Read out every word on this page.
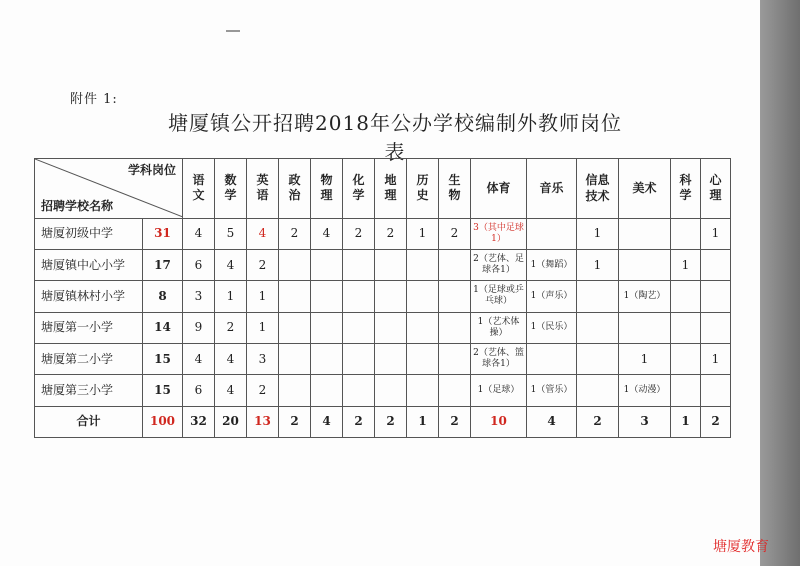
附件 1:
塘厦镇公开招聘2018年公办学校编制外教师岗位表
学科岗位
招聘学校名称		语文	数学	英语	政治	物理	化学	地理	历史	生物	体育	音乐	信息技术	美术	科学	心理
塘厦初级中学	31	4	5	4	2	4	2	2	1	2	3（其中足球1）		1			1
塘厦镇中心小学	17	6	4	2							2（艺体、足球各1）	1（舞蹈）	1		1	
塘厦镇林村小学	8	3	1	1							1（足球或乒乓球）	1（声乐）		1（陶艺）		
塘厦第一小学	14	9	2	1							1（艺术体操）	1（民乐）				
塘厦第二小学	15	4	4	3							2（艺体、篮球各1）			1		1
塘厦第三小学	15	6	4	2							1（足球）	1（管乐）		1（动漫）		
合计	100	32	20	13	2	4	2	2	1	2	10	4	2	3	1	2
塘厦教育
